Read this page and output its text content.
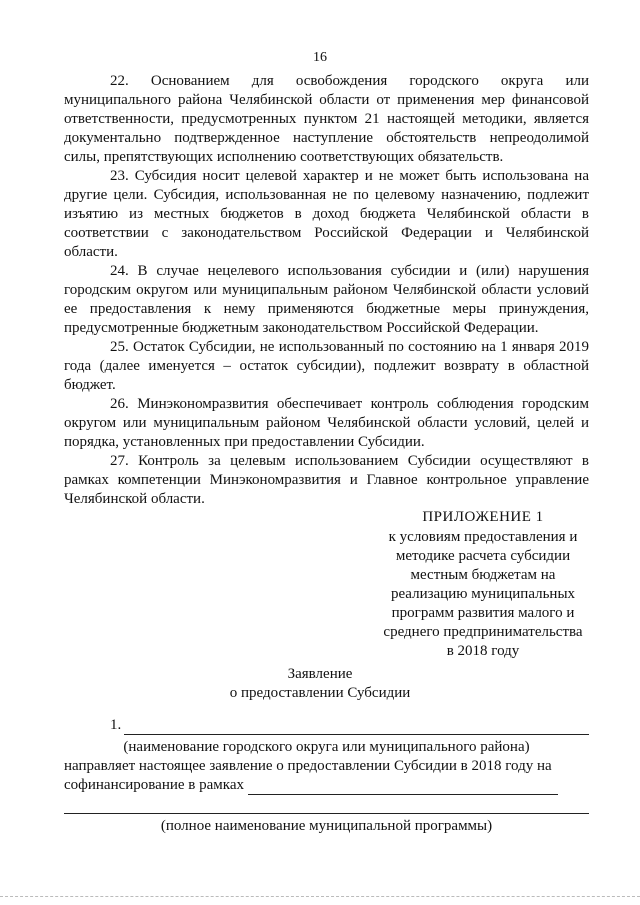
16

22. Основанием для освобождения городского округа или муниципального района Челябинской области от применения мер финансовой ответственности, предусмотренных пунктом 21 настоящей методики, является документально подтвержденное наступление обстоятельств непреодолимой силы, препятствующих исполнению соответствующих обязательств.

23. Субсидия носит целевой характер и не может быть использована на другие цели. Субсидия, использованная не по целевому назначению, подлежит изъятию из местных бюджетов в доход бюджета Челябинской области в соответствии с законодательством Российской Федерации и Челябинской области.

24. В случае нецелевого использования субсидии и (или) нарушения городским округом или муниципальным районом Челябинской области условий ее предоставления к нему применяются бюджетные меры принуждения, предусмотренные бюджетным законодательством Российской Федерации.

25. Остаток Субсидии, не использованный по состоянию на 1 января 2019 года (далее именуется – остаток субсидии), подлежит возврату в областной бюджет.

26. Минэкономразвития обеспечивает контроль соблюдения городским округом или муниципальным районом Челябинской области условий, целей и порядка, установленных при предоставлении Субсидии.

27. Контроль за целевым использованием Субсидии осуществляют в рамках компетенции Минэкономразвития и Главное контрольное управление Челябинской области.

ПРИЛОЖЕНИЕ 1
к условиям предоставления и
методике расчета субсидии
местным бюджетам на
реализацию муниципальных
программ развития малого и
среднего предпринимательства
в 2018 году
Заявление
о предоставлении Субсидии
1.
(наименование городского округа или муниципального района)
направляет настоящее заявление о предоставлении Субсидии в 2018 году на
софинансирование в рамках
(полное наименование муниципальной программы)
